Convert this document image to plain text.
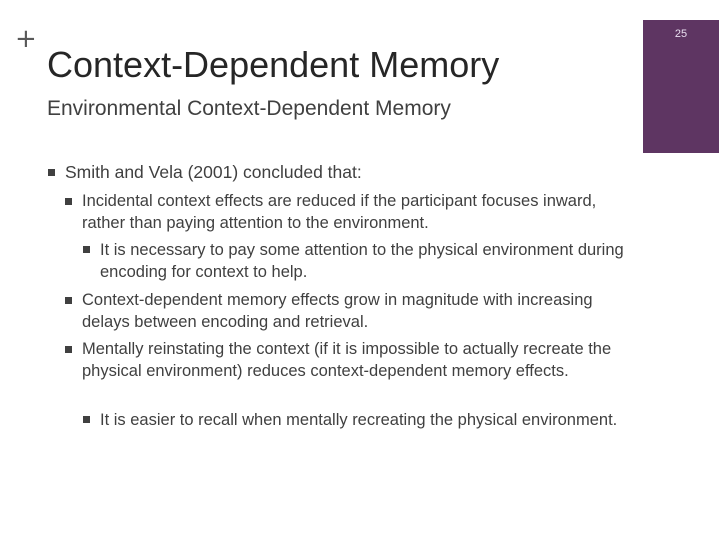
+
Context-Dependent Memory
25
Environmental Context-Dependent Memory
Smith and Vela (2001) concluded that:
Incidental context effects are reduced if the participant focuses inward, rather than paying attention to the environment.
It is necessary to pay some attention to the physical environment during encoding for context to help.
Context-dependent memory effects grow in magnitude with increasing delays between encoding and retrieval.
Mentally reinstating the context (if it is impossible to actually recreate the physical environment) reduces context-dependent memory effects.
It is easier to recall when mentally recreating the physical environment.
